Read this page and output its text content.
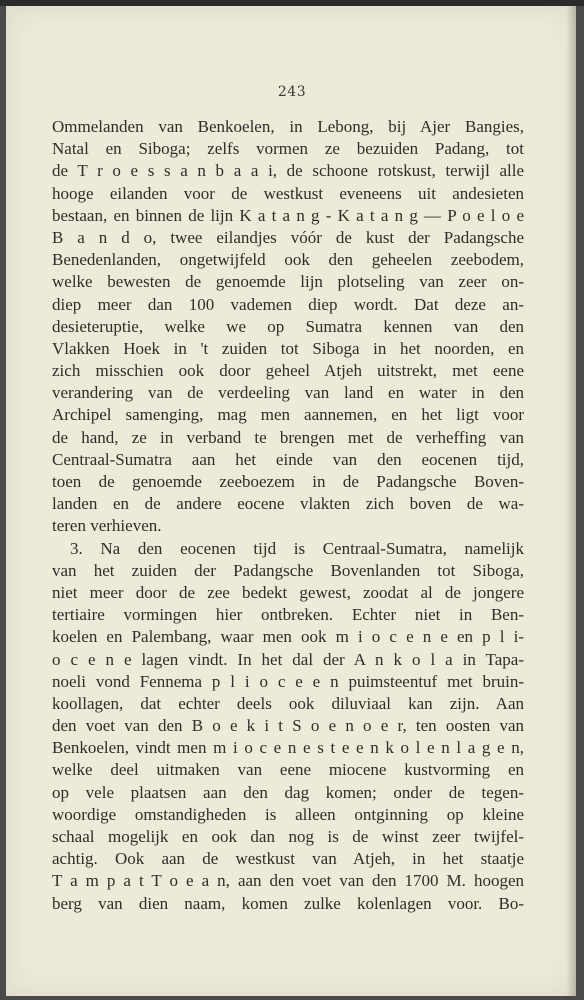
243
Ommelanden van Benkoelen, in Lebong, bij Ajer Bangies,
Natal en Siboga; zelfs vormen ze bezuiden Padang, tot
de T r o e s s a n b a a i, de schoone rotskust, terwijl alle
hooge eilanden voor de westkust eveneens uit andesieten
bestaan, en binnen de lijn K a t a n g - K a t a n g — P o e l o e
B a n d o, twee eilandjes vóór de kust der Padangsche
Benedenlanden, ongetwijfeld ook den geheelen zeebodem,
welke bewesten de genoemde lijn plotseling van zeer on-
diep meer dan 100 vademen diep wordt. Dat deze an-
desieteruptie, welke we op Sumatra kennen van den
Vlakken Hoek in 't zuiden tot Siboga in het noorden, en
zich misschien ook door geheel Atjeh uitstrekt, met eene
verandering van de verdeeling van land en water in den
Archipel samenging, mag men aannemen, en het ligt voor
de hand, ze in verband te brengen met de verheffing van
Centraal-Sumatra aan het einde van den eocenen tijd,
toen de genoemde zeeboezem in de Padangsche Boven-
landen en de andere eocene vlakten zich boven de wa-
teren verhieven.
3. Na den eocenen tijd is Centraal-Sumatra, namelijk
van het zuiden der Padangsche Bovenlanden tot Siboga,
niet meer door de zee bedekt gewest, zoodat al de jongere
tertiaire vormingen hier ontbreken. Echter niet in Ben-
koelen en Palembang, waar men ook m i o c e n e en p l i-
o c e n e lagen vindt. In het dal der A n k o l a in Tapa-
noeli vond Fennema p l i o c e e n puimsteentuf met bruin-
koollagen, dat echter deels ook diluviaal kan zijn. Aan
den voet van den B o e k i t S o e n o e r, ten oosten van
Benkoelen, vindt men m i o c e n e s t e e n k o l e n l a g e n,
welke deel uitmaken van eene miocene kustvorming en
op vele plaatsen aan den dag komen; onder de tegen-
woordige omstandigheden is alleen ontginning op kleine
schaal mogelijk en ook dan nog is de winst zeer twijfel-
achtig. Ook aan de westkust van Atjeh, in het staatje
T a m p a t T o e a n, aan den voet van den 1700 M. hoogen
berg van dien naam, komen zulke kolenlagen voor. Bo-
